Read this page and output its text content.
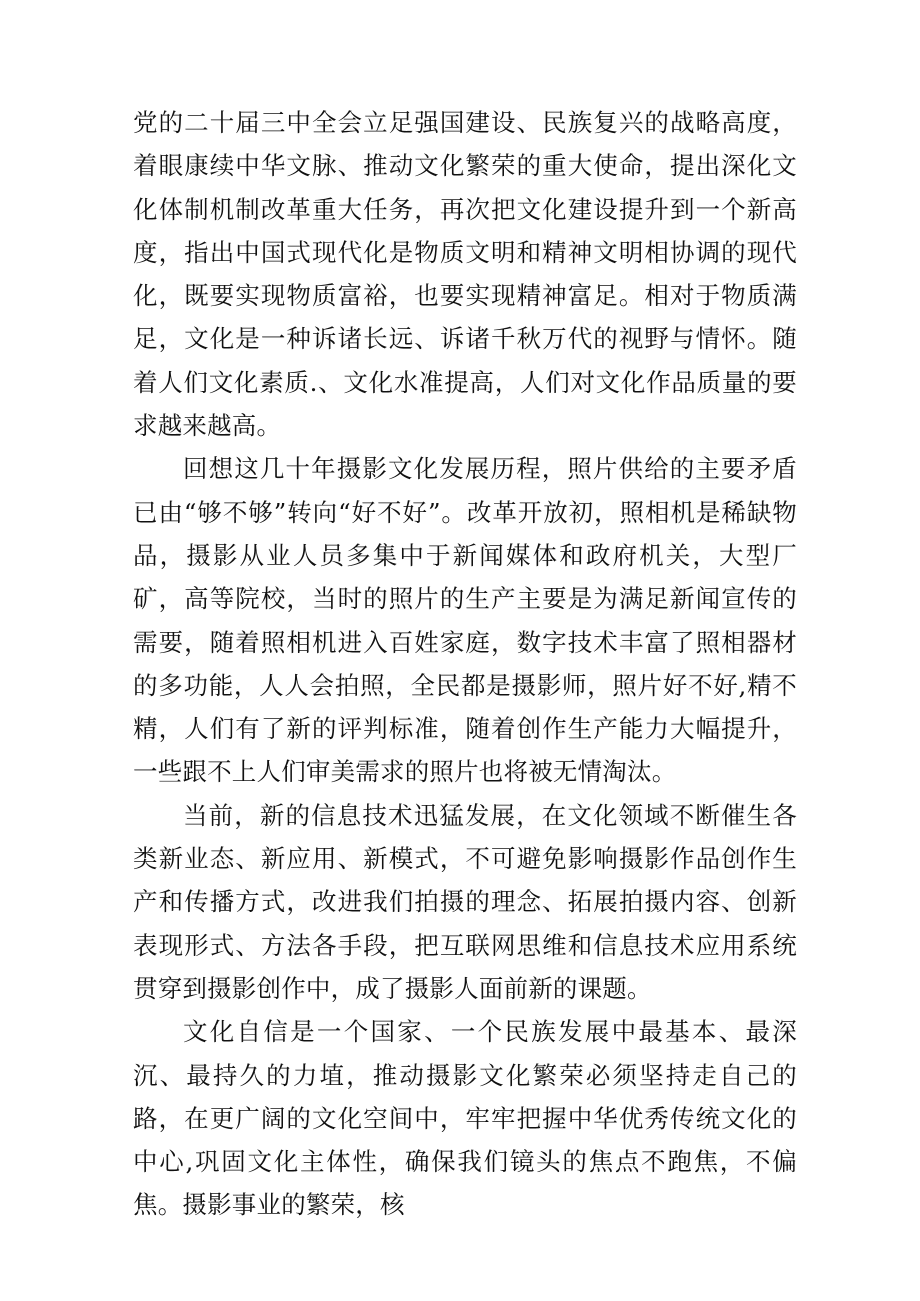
党的二十届三中全会立足强国建设、民族复兴的战略高度，着眼康续中华文脉、推动文化繁荣的重大使命，提出深化文化体制机制改革重大任务，再次把文化建设提升到一个新高度，指出中国式现代化是物质文明和精神文明相协调的现代化，既要实现物质富裕，也要实现精神富足。相对于物质满足，文化是一种诉诸长远、诉诸千秋万代的视野与情怀。随着人们文化素质.、文化水准提高，人们对文化作品质量的要求越来越高。

回想这几十年摄影文化发展历程，照片供给的主要矛盾已由“够不够”转向“好不好”。改革开放初，照相机是稀缺物品，摄影从业人员多集中于新闻媒体和政府机关，大型厂矿，高等院校，当时的照片的生产主要是为满足新闻宣传的需要，随着照相机进入百姓家庭，数字技术丰富了照相器材的多功能，人人会拍照，全民都是摄影师，照片好不好,精不精，人们有了新的评判标准，随着创作生产能力大幅提升，一些跟不上人们审美需求的照片也将被无情淘汰。

当前，新的信息技术迅猛发展，在文化领域不断催生各类新业态、新应用、新模式，不可避免影响摄影作品创作生产和传播方式，改进我们拍摄的理念、拓展拍摄内容、创新表现形式、方法各手段，把互联网思维和信息技术应用系统贯穿到摄影创作中，成了摄影人面前新的课题。

文化自信是一个国家、一个民族发展中最基本、最深沉、最持久的力埴，推动摄影文化繁荣必须坚持走自己的路，在更广阔的文化空间中，牢牢把握中华优秀传统文化的中心,巩固文化主体性，确保我们镜头的焦点不跑焦，不偏焦。摄影事业的繁荣，核
